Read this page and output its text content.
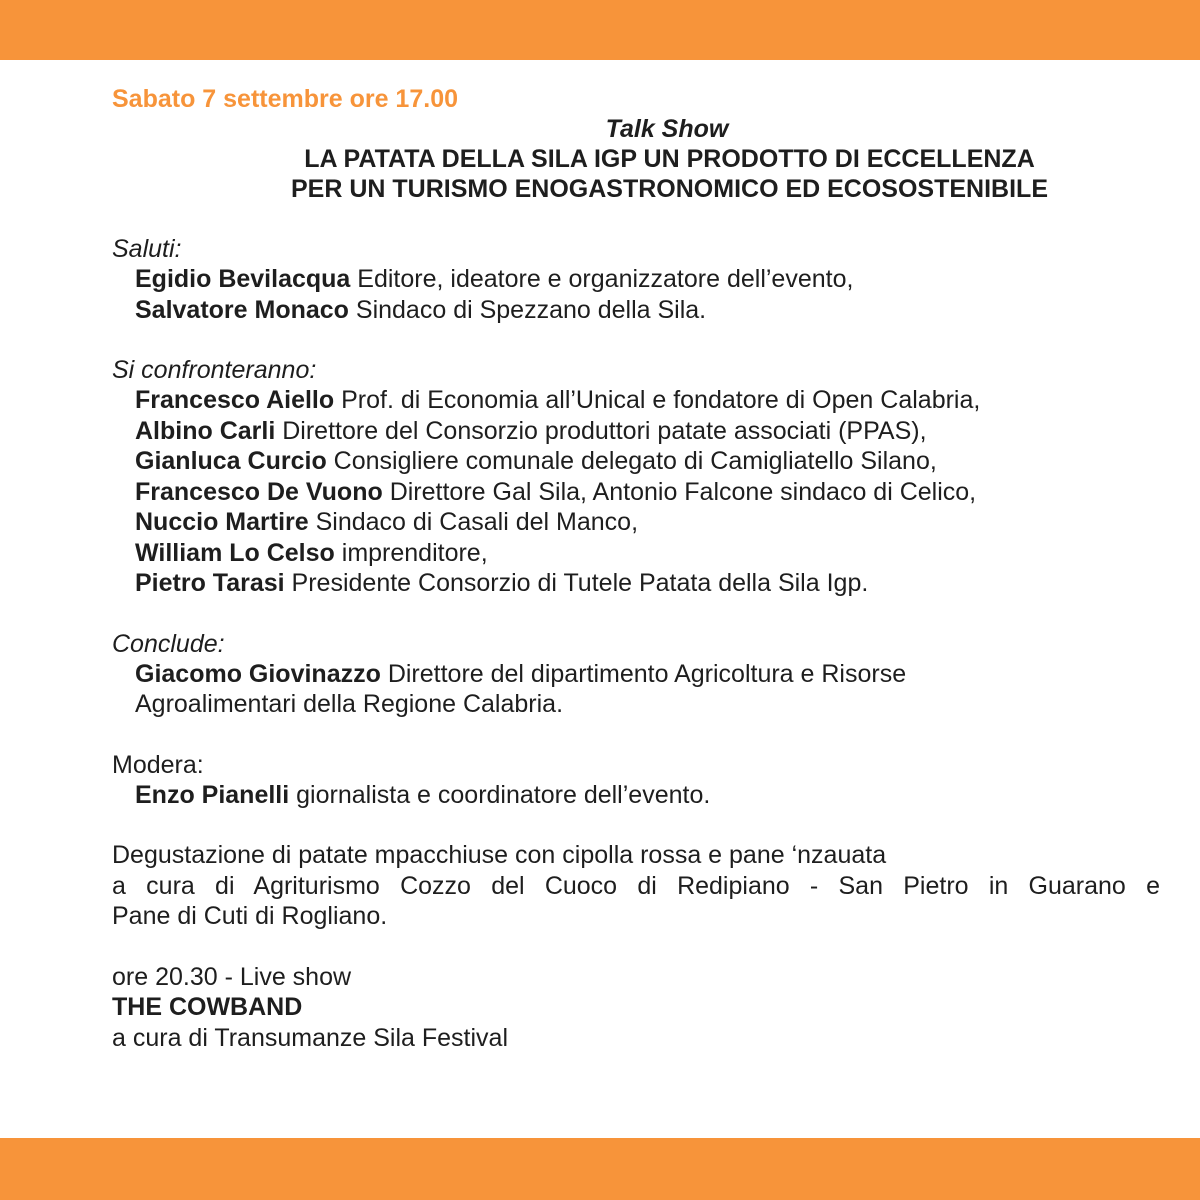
Sabato 7 settembre ore 17.00
Talk Show
LA PATATA DELLA SILA IGP UN PRODOTTO DI ECCELLENZA
PER UN TURISMO ENOGASTRONOMICO ED ECOSOSTENIBILE
Saluti:
Egidio Bevilacqua Editore, ideatore e organizzatore dell’evento,
Salvatore Monaco Sindaco di Spezzano della Sila.
Si confronteranno:
Francesco Aiello Prof. di Economia all’Unical e fondatore di Open Calabria,
Albino Carli Direttore del Consorzio produttori patate associati (PPAS),
Gianluca Curcio Consigliere comunale delegato di Camigliatello Silano,
Francesco De Vuono Direttore Gal Sila, Antonio Falcone sindaco di Celico,
Nuccio Martire Sindaco di Casali del Manco,
William Lo Celso imprenditore,
Pietro Tarasi Presidente Consorzio di Tutele Patata della Sila Igp.
Conclude:
Giacomo Giovinazzo Direttore del dipartimento Agricoltura e Risorse
Agroalimentari della Regione Calabria.
Modera:
Enzo Pianelli giornalista e coordinatore dell’evento.
Degustazione di patate mpacchiuse con cipolla rossa e pane ‘nzauata
a cura di Agriturismo Cozzo del Cuoco di Redipiano - San Pietro in Guarano e
Pane di Cuti di Rogliano.
ore 20.30 - Live show
THE COWBAND
a cura di Transumanze Sila Festival
